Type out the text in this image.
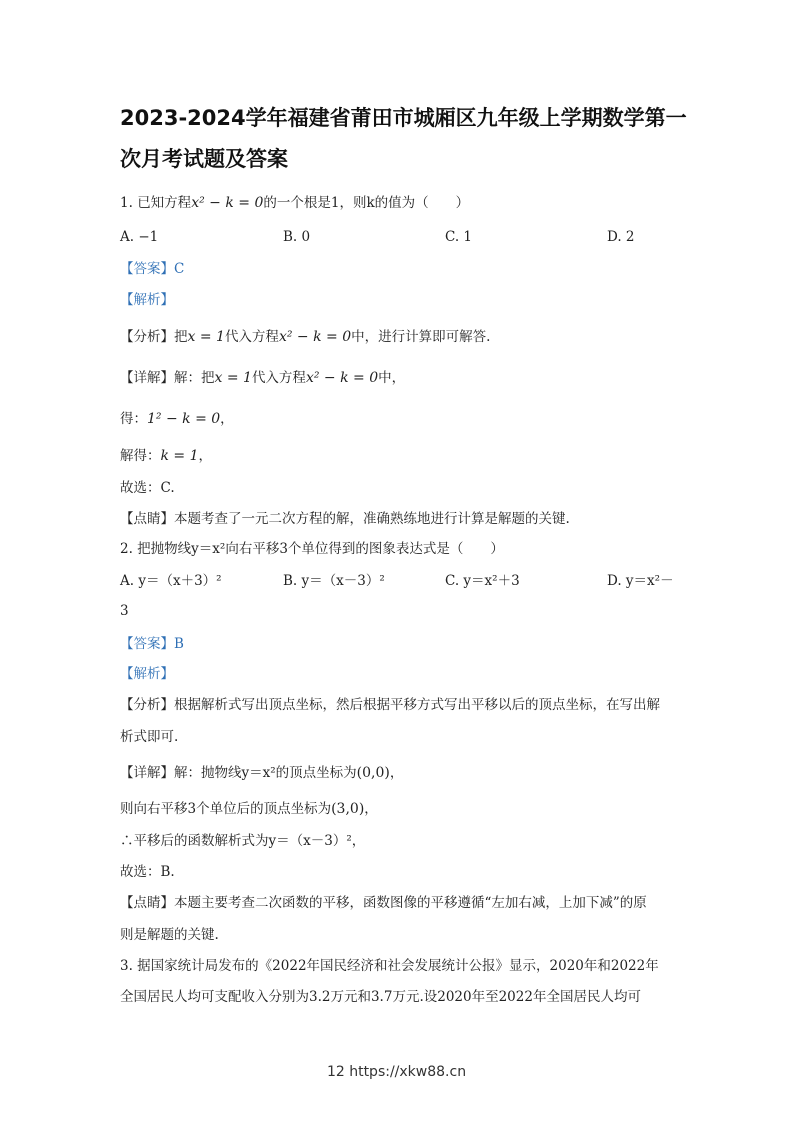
2023-2024学年福建省莆田市城厢区九年级上学期数学第一
次月考试题及答案
1. 已知方程x² − k = 0的一个根是1，则k的值为（　　）
A. −1	B. 0	C. 1	D. 2
【答案】C
【解析】
【分析】把x = 1代入方程x² − k = 0中，进行计算即可解答.
【详解】解：把x = 1代入方程x² − k = 0中，
得：1² − k = 0，
解得：k = 1，
故选：C.
【点睛】本题考查了一元二次方程的解，准确熟练地进行计算是解题的关键.
2. 把抛物线y＝x²向右平移3个单位得到的图象表达式是（　　）
A. y＝（x＋3）²	B. y＝（x－3）²	C. y＝x²＋3	D. y＝x²－
3
【答案】B
【解析】
【分析】根据解析式写出顶点坐标，然后根据平移方式写出平移以后的顶点坐标，在写出解
析式即可.
【详解】解：抛物线y＝x²的顶点坐标为(0,0)，
则向右平移3个单位后的顶点坐标为(3,0)，
∴平移后的函数解析式为y＝（x－3）²，
故选：B.
【点睛】本题主要考查二次函数的平移，函数图像的平移遵循“左加右减，上加下减”的原
则是解题的关键.
3. 据国家统计局发布的《2022年国民经济和社会发展统计公报》显示，2020年和2022年
全国居民人均可支配收入分别为3.2万元和3.7万元.设2020年至2022年全国居民人均可
12 https://xkw88.cn
